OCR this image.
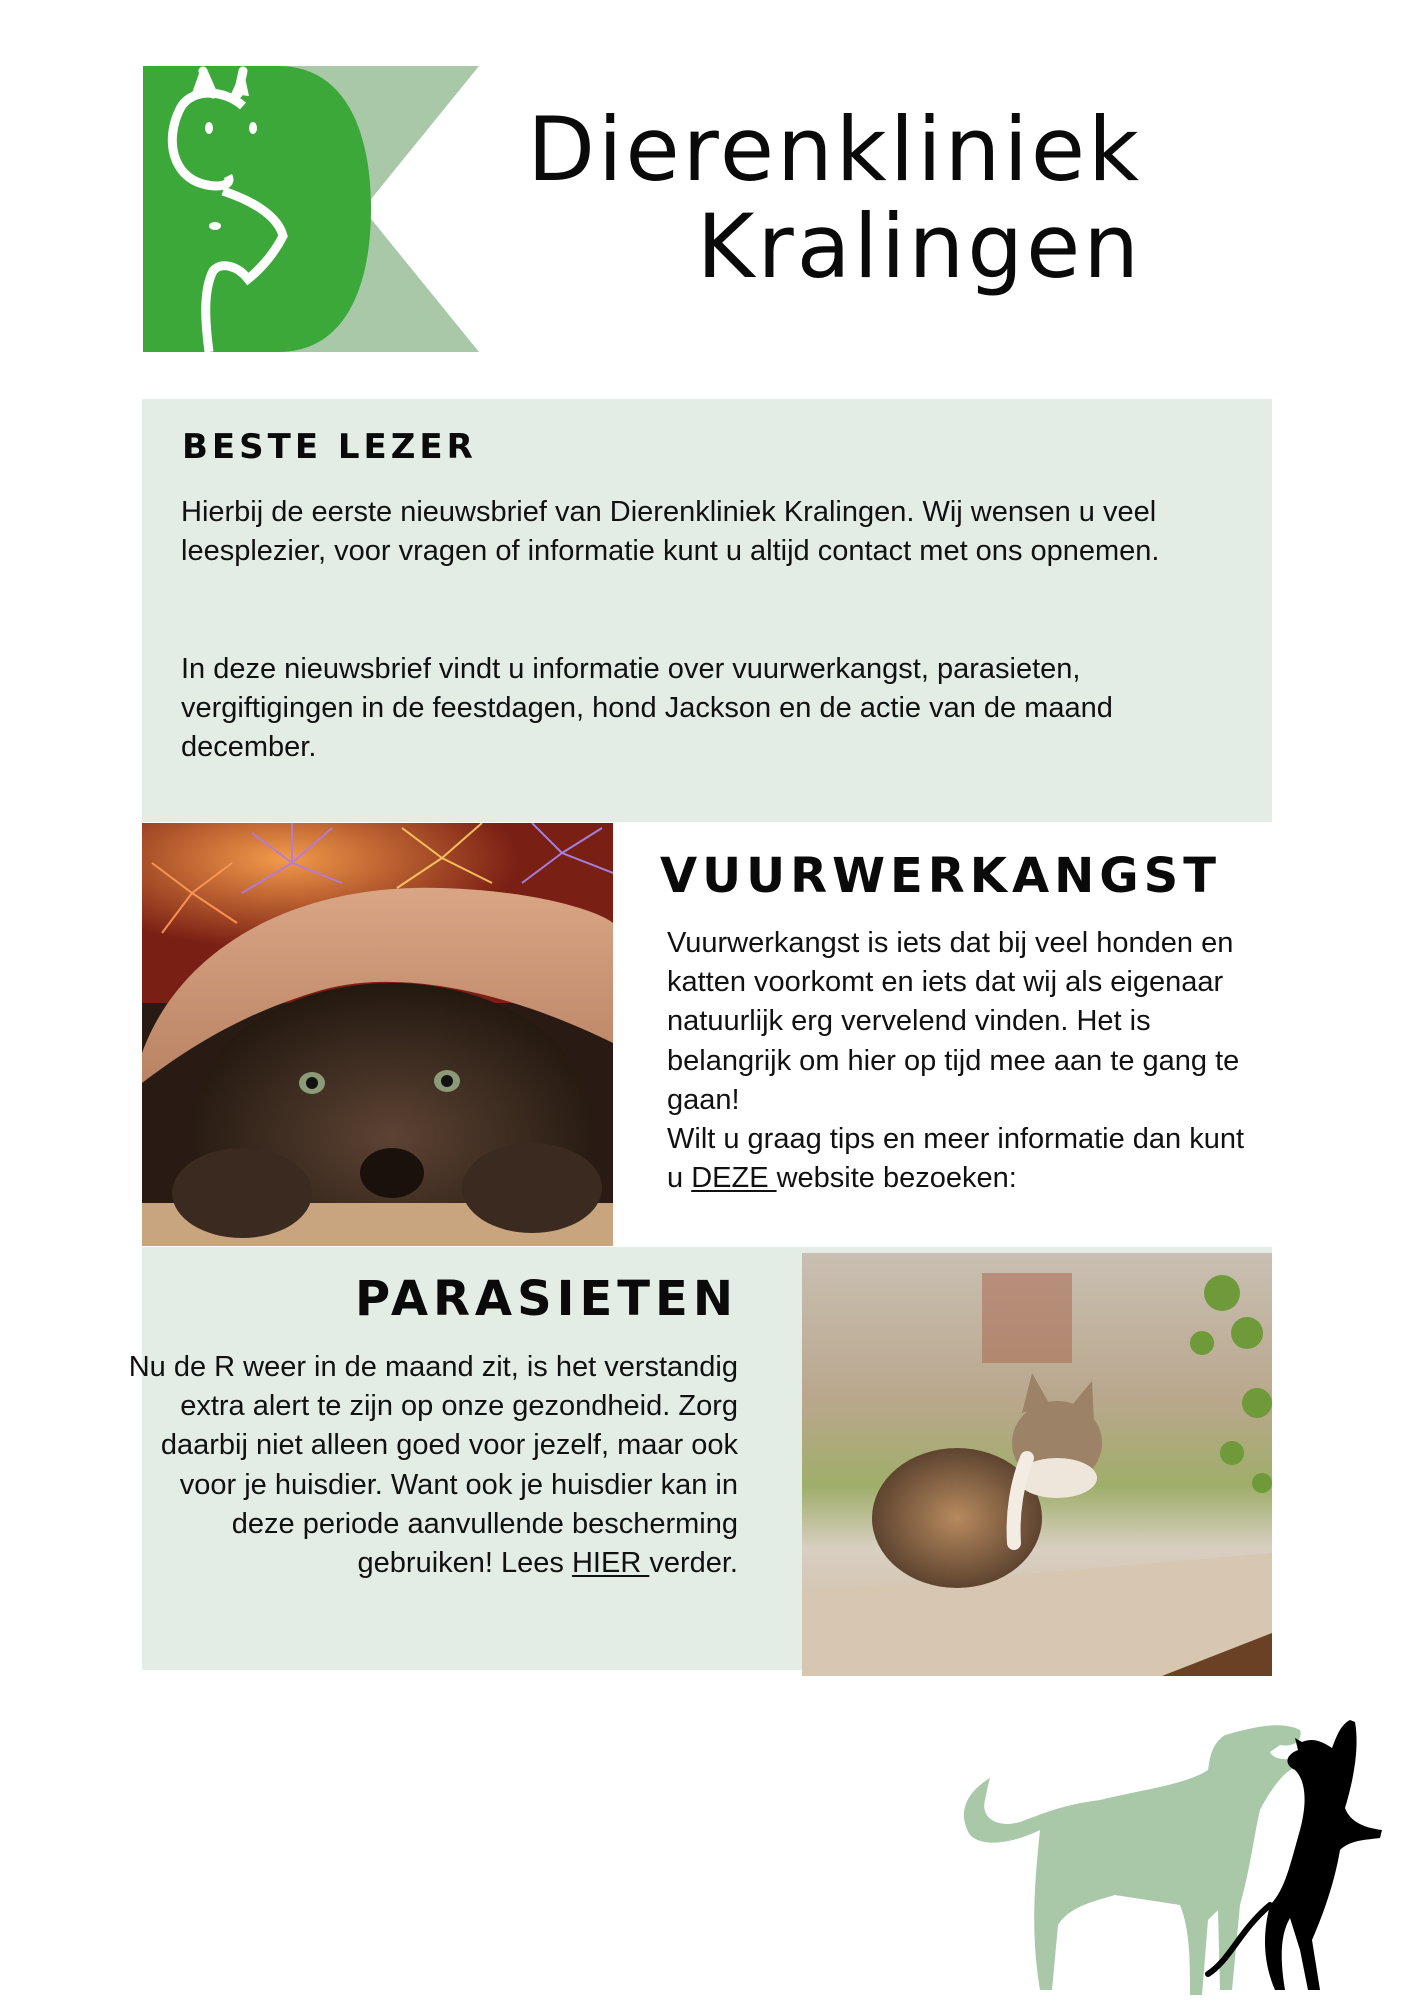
Dierenkliniek
Kralingen
BESTE LEZER
Hierbij de eerste nieuwsbrief van Dierenkliniek Kralingen. Wij wensen u veel leesplezier, voor vragen of informatie kunt u altijd contact met ons opnemen.
In deze nieuwsbrief vindt u informatie over vuurwerkangst, parasieten, vergiftigingen in de feestdagen, hond Jackson en de actie van de maand december.
VUURWERKANGST
Vuurwerkangst is iets dat bij veel honden en katten voorkomt en iets dat wij als eigenaar natuurlijk erg vervelend vinden. Het is belangrijk om hier op tijd mee aan te gang te gaan!
Wilt u graag tips en meer informatie dan kunt u DEZE website bezoeken:
PARASIETEN
Nu de R weer in de maand zit, is het verstandig extra alert te zijn op onze gezondheid. Zorg daarbij niet alleen goed voor jezelf, maar ook voor je huisdier. Want ook je huisdier kan in deze periode aanvullende bescherming gebruiken! Lees HIER verder.
